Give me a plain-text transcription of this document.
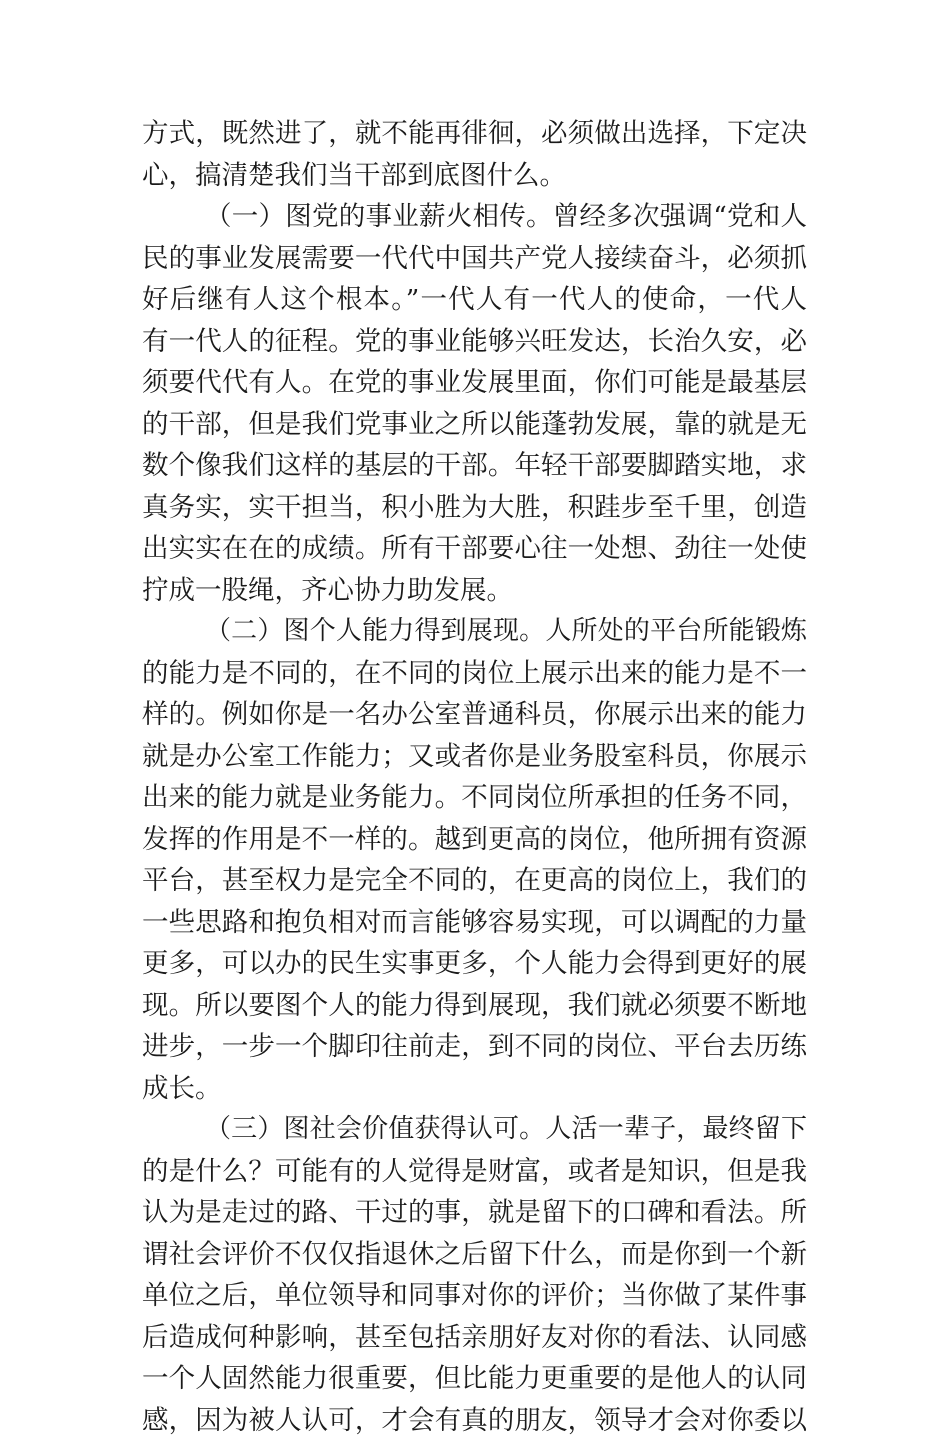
方式，既然进了，就不能再徘徊，必须做出选择，下定决
心，搞清楚我们当干部到底图什么。
（一）图党的事业薪火相传。曾经多次强调“党和人
民的事业发展需要一代代中国共产党人接续奋斗，必须抓
好后继有人这个根本。”一代人有一代人的使命，一代人
有一代人的征程。党的事业能够兴旺发达，长治久安，必
须要代代有人。在党的事业发展里面，你们可能是最基层
的干部，但是我们党事业之所以能蓬勃发展，靠的就是无
数个像我们这样的基层的干部。年轻干部要脚踏实地，求
真务实，实干担当，积小胜为大胜，积跬步至千里，创造
出实实在在的成绩。所有干部要心往一处想、劲往一处使
拧成一股绳，齐心协力助发展。
（二）图个人能力得到展现。人所处的平台所能锻炼
的能力是不同的，在不同的岗位上展示出来的能力是不一
样的。例如你是一名办公室普通科员，你展示出来的能力
就是办公室工作能力；又或者你是业务股室科员，你展示
出来的能力就是业务能力。不同岗位所承担的任务不同，
发挥的作用是不一样的。越到更高的岗位，他所拥有资源
平台，甚至权力是完全不同的，在更高的岗位上，我们的
一些思路和抱负相对而言能够容易实现，可以调配的力量
更多，可以办的民生实事更多，个人能力会得到更好的展
现。所以要图个人的能力得到展现，我们就必须要不断地
进步，一步一个脚印往前走，到不同的岗位、平台去历练
成长。
（三）图社会价值获得认可。人活一辈子，最终留下
的是什么？可能有的人觉得是财富，或者是知识，但是我
认为是走过的路、干过的事，就是留下的口碑和看法。所
谓社会评价不仅仅指退休之后留下什么，而是你到一个新
单位之后，单位领导和同事对你的评价；当你做了某件事
后造成何种影响，甚至包括亲朋好友对你的看法、认同感
一个人固然能力很重要，但比能力更重要的是他人的认同
感，因为被人认可，才会有真的朋友，领导才会对你委以
